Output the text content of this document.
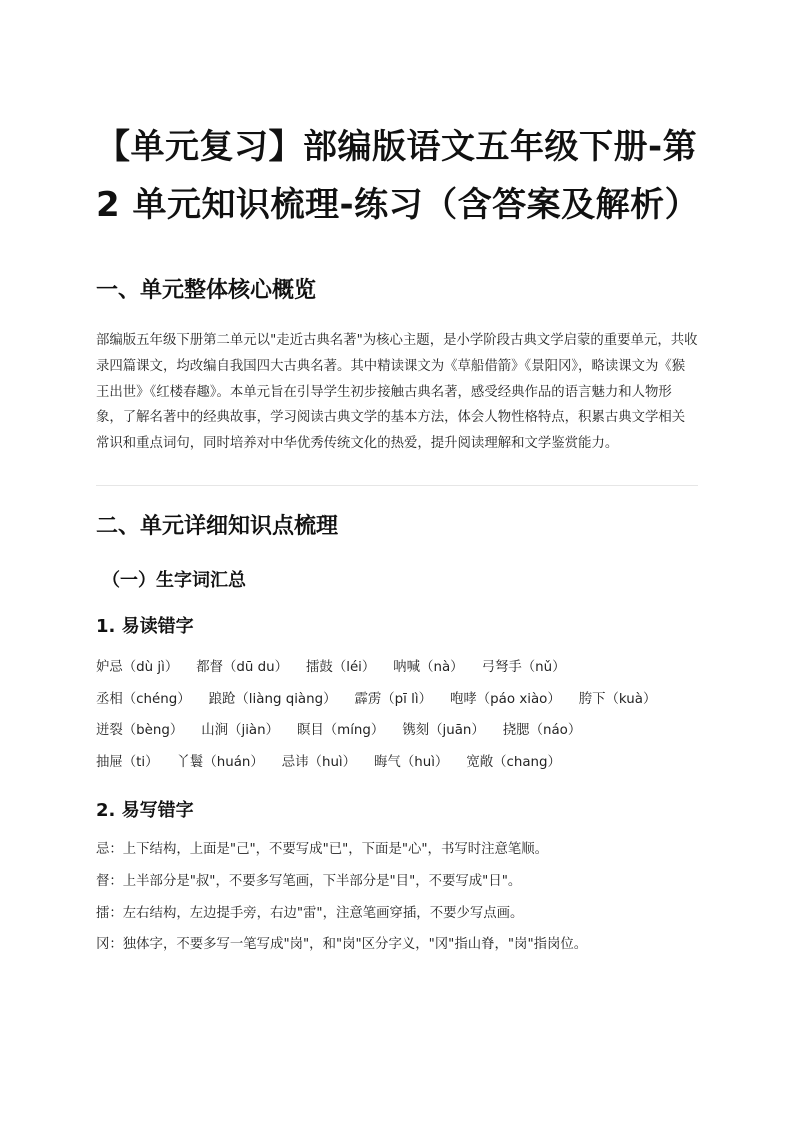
【单元复习】部编版语文五年级下册-第 2 单元知识梳理-练习（含答案及解析）
一、单元整体核心概览

部编版五年级下册第二单元以"走近古典名著"为核心主题，是小学阶段古典文学启蒙的重要单元，共收录四篇课文，均改编自我国四大古典名著。其中精读课文为《草船借箭》《景阳冈》，略读课文为《猴王出世》《红楼春趣》。本单元旨在引导学生初步接触古典名著，感受经典作品的语言魅力和人物形象，了解名著中的经典故事，学习阅读古典文学的基本方法，体会人物性格特点，积累古典文学相关常识和重点词句，同时培养对中华优秀传统文化的热爱，提升阅读理解和文学鉴赏能力。

二、单元详细知识点梳理
（一）生字词汇总
1. 易读错字
妒忌（dù jì） 都督（dū du） 擂鼓（léi） 呐喊（nà） 弓弩手（nǔ）
丞相（chéng） 踉跄（liàng qiàng） 霹雳（pī lì） 咆哮（páo xiào） 胯下（kuà）
迸裂（bèng） 山涧（jiàn） 瞑目（míng） 镌刻（juān） 挠腮（náo）
抽屉（ti） 丫鬟（huán） 忌讳（huì） 晦气（huì） 宽敞（chang）
2. 易写错字
忌：上下结构，上面是"己"，不要写成"已"，下面是"心"，书写时注意笔顺。
督：上半部分是"叔"，不要多写笔画，下半部分是"目"，不要写成"日"。
擂：左右结构，左边提手旁，右边"雷"，注意笔画穿插，不要少写点画。
冈：独体字，不要多写一笔写成"岗"，和"岗"区分字义，"冈"指山脊，"岗"指岗位。
